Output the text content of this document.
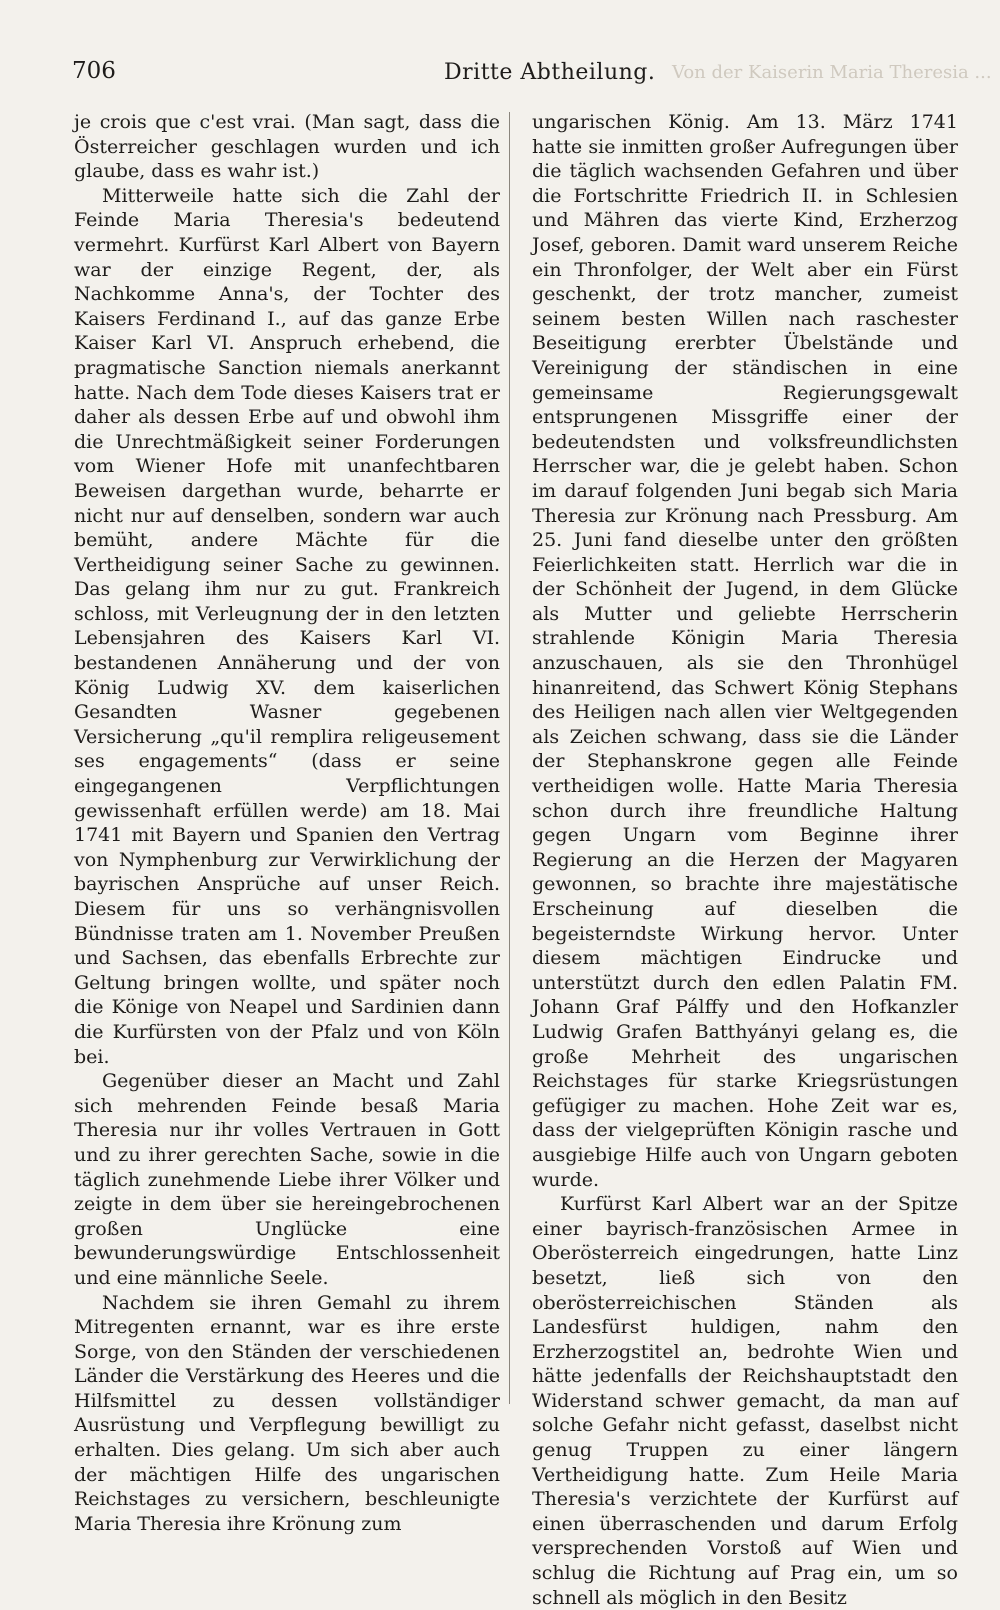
706	Dritte Abtheilung. Von der Kaiserin Maria Theresia ...

je crois que c'est vrai. (Man sagt, dass die Österreicher geschlagen wurden und ich glaube, dass es wahr ist.)

Mitterweile hatte sich die Zahl der Feinde Maria Theresia's bedeutend vermehrt. Kurfürst Karl Albert von Bayern war der einzige Regent, der, als Nachkomme Anna's, der Tochter des Kaisers Ferdinand I., auf das ganze Erbe Kaiser Karl VI. Anspruch erhebend, die pragmatische Sanction niemals anerkannt hatte. Nach dem Tode dieses Kaisers trat er daher als dessen Erbe auf und obwohl ihm die Unrechtmäßigkeit seiner Forderungen vom Wiener Hofe mit unanfechtbaren Beweisen dargethan wurde, beharrte er nicht nur auf denselben, sondern war auch bemüht, andere Mächte für die Vertheidigung seiner Sache zu gewinnen. Das gelang ihm nur zu gut. Frankreich schloss, mit Verleugnung der in den letzten Lebensjahren des Kaisers Karl VI. bestandenen Annäherung und der von König Ludwig XV. dem kaiserlichen Gesandten Wasner gegebenen Versicherung „qu'il remplira religeusement ses engagements“ (dass er seine eingegangenen Verpflichtungen gewissenhaft erfüllen werde) am 18. Mai 1741 mit Bayern und Spanien den Vertrag von Nymphenburg zur Verwirklichung der bayrischen Ansprüche auf unser Reich. Diesem für uns so verhängnisvollen Bündnisse traten am 1. November Preußen und Sachsen, das ebenfalls Erbrechte zur Geltung bringen wollte, und später noch die Könige von Neapel und Sardinien dann die Kurfürsten von der Pfalz und von Köln bei.

Gegenüber dieser an Macht und Zahl sich mehrenden Feinde besaß Maria Theresia nur ihr volles Vertrauen in Gott und zu ihrer gerechten Sache, sowie in die täglich zunehmende Liebe ihrer Völker und zeigte in dem über sie hereingebrochenen großen Unglücke eine bewunderungswürdige Entschlossenheit und eine männliche Seele.

Nachdem sie ihren Gemahl zu ihrem Mitregenten ernannt, war es ihre erste Sorge, von den Ständen der verschiedenen Länder die Verstärkung des Heeres und die Hilfsmittel zu dessen vollständiger Ausrüstung und Verpflegung bewilligt zu erhalten. Dies gelang. Um sich aber auch der mächtigen Hilfe des ungarischen Reichstages zu versichern, beschleunigte Maria Theresia ihre Krönung zum

ungarischen König. Am 13. März 1741 hatte sie inmitten großer Aufregungen über die täglich wachsenden Gefahren und über die Fortschritte Friedrich II. in Schlesien und Mähren das vierte Kind, Erzherzog Josef, geboren. Damit ward unserem Reiche ein Thronfolger, der Welt aber ein Fürst geschenkt, der trotz mancher, zumeist seinem besten Willen nach raschester Beseitigung ererbter Übelstände und Vereinigung der ständischen in eine gemeinsame Regierungsgewalt entsprungenen Missgriffe einer der bedeutendsten und volksfreundlichsten Herrscher war, die je gelebt haben. Schon im darauf folgenden Juni begab sich Maria Theresia zur Krönung nach Pressburg. Am 25. Juni fand dieselbe unter den größten Feierlichkeiten statt. Herrlich war die in der Schönheit der Jugend, in dem Glücke als Mutter und geliebte Herrscherin strahlende Königin Maria Theresia anzuschauen, als sie den Thronhügel hinanreitend, das Schwert König Stephans des Heiligen nach allen vier Weltgegenden als Zeichen schwang, dass sie die Länder der Stephanskrone gegen alle Feinde vertheidigen wolle. Hatte Maria Theresia schon durch ihre freundliche Haltung gegen Ungarn vom Beginne ihrer Regierung an die Herzen der Magyaren gewonnen, so brachte ihre majestätische Erscheinung auf dieselben die begeisterndste Wirkung hervor. Unter diesem mächtigen Eindrucke und unterstützt durch den edlen Palatin FM. Johann Graf Pálffy und den Hofkanzler Ludwig Grafen Batthyányi gelang es, die große Mehrheit des ungarischen Reichstages für starke Kriegsrüstungen gefügiger zu machen. Hohe Zeit war es, dass der vielgeprüften Königin rasche und ausgiebige Hilfe auch von Ungarn geboten wurde.

Kurfürst Karl Albert war an der Spitze einer bayrisch-französischen Armee in Oberösterreich eingedrungen, hatte Linz besetzt, ließ sich von den oberösterreichischen Ständen als Landesfürst huldigen, nahm den Erzherzogstitel an, bedrohte Wien und hätte jedenfalls der Reichshauptstadt den Widerstand schwer gemacht, da man auf solche Gefahr nicht gefasst, daselbst nicht genug Truppen zu einer längern Vertheidigung hatte. Zum Heile Maria Theresia's verzichtete der Kurfürst auf einen überraschenden und darum Erfolg versprechenden Vorstoß auf Wien und schlug die Richtung auf Prag ein, um so schnell als möglich in den Besitz
